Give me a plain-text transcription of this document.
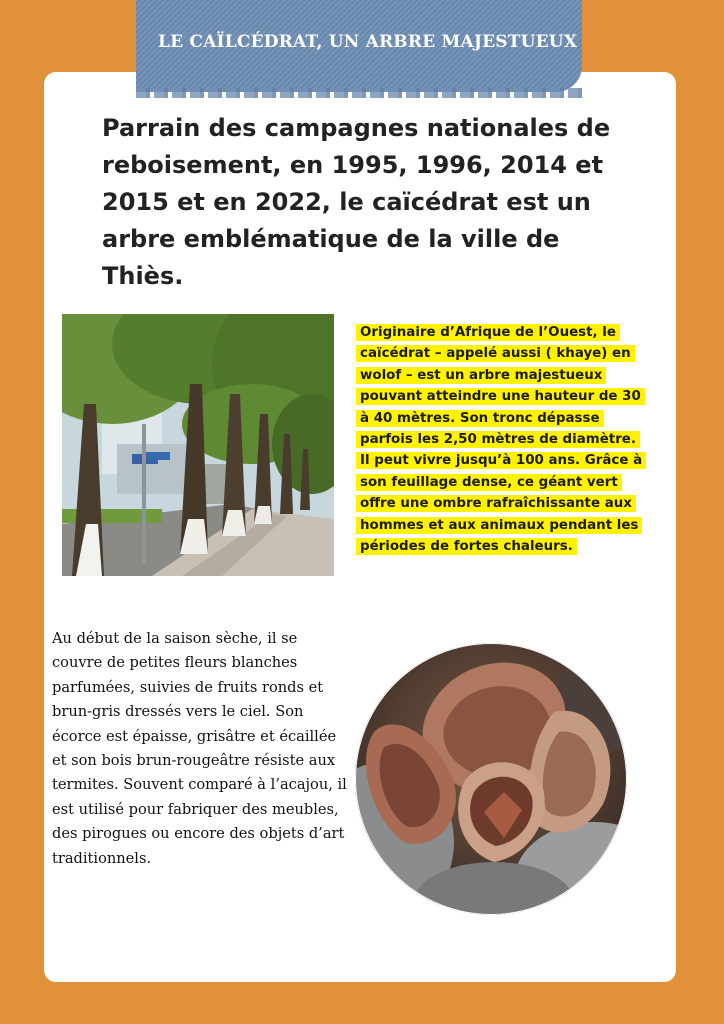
LE CAÏLCÉDRAT, UN ARBRE MAJESTUEUX

Parrain des campagnes nationales de reboisement, en 1995, 1996, 2014 et 2015 et en 2022, le caïcédrat est un arbre emblématique de la ville de Thiès.

Originaire d’Afrique de l’Ouest, le caïcédrat – appelé aussi ( khaye) en wolof – est un arbre majestueux pouvant atteindre une hauteur de 30 à 40 mètres. Son tronc dépasse parfois les 2,50 mètres de diamètre. Il peut vivre jusqu’à 100 ans. Grâce à son feuillage dense, ce géant vert offre une ombre rafraîchissante aux hommes et aux animaux pendant les périodes de fortes chaleurs.

Au début de la saison sèche, il se couvre de petites fleurs blanches parfumées, suivies de fruits ronds et brun-gris dressés vers le ciel. Son écorce est épaisse, grisâtre et écaillée et son bois brun-rougeâtre résiste aux termites. Souvent comparé à l’acajou, il est utilisé pour fabriquer des meubles, des pirogues ou encore des objets d’art traditionnels.
